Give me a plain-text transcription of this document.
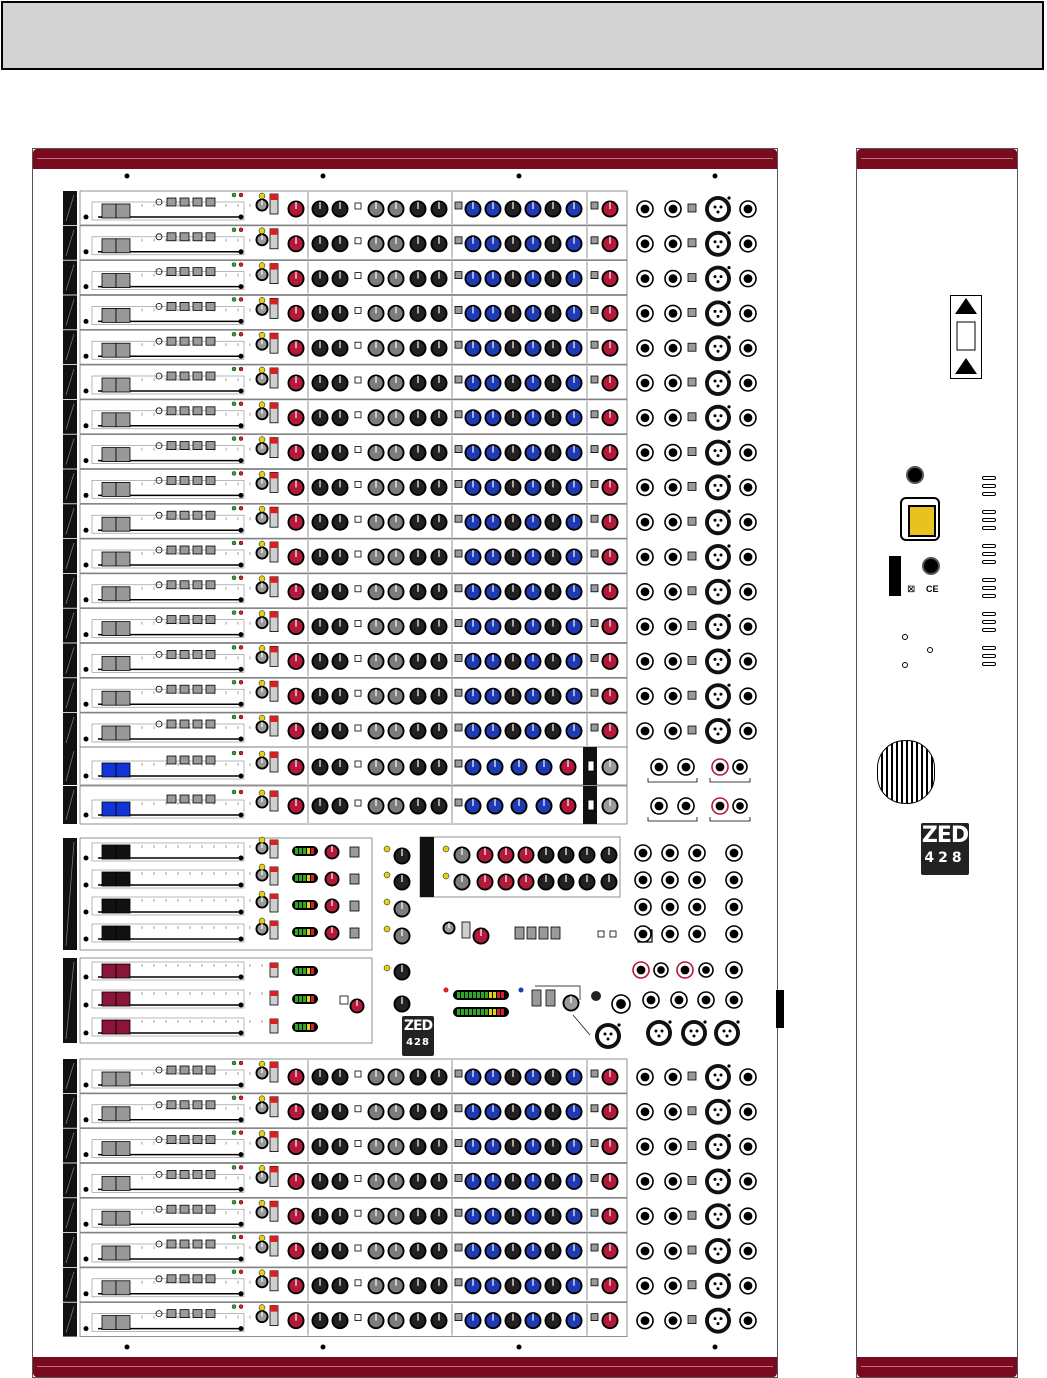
CE
⊠
ZED
428
ZED
428
